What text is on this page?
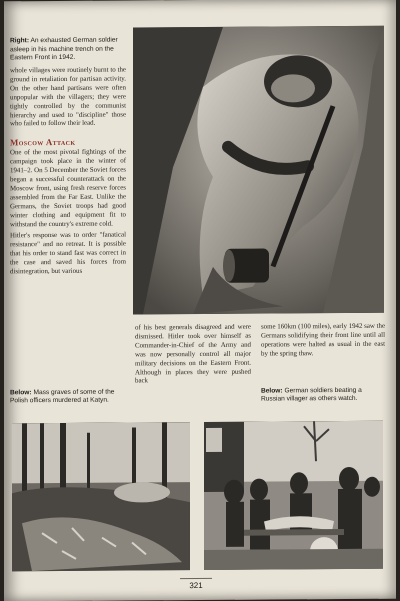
Right: An exhausted German soldier asleep in his machine trench on the Eastern Front in 1942.

whole villages were routinely burnt to the ground in retaliation for partisan activity. On the other hand partisans were often unpopular with the villagers; they were tightly controlled by the communist hierarchy and used to "discipline" those who failed to follow their lead.

Moscow Attack

One of the most pivotal fightings of the campaign took place in the winter of 1941–2. On 5 December the Soviet forces began a successful counterattack on the Moscow front, using fresh reserve forces assembled from the Far East. Unlike the Germans, the Soviet troops had good winter clothing and equipment fit to withstand the country's extreme cold.

Hitler's response was to order "fanatical resistance" and no retreat. It is possible that his order to stand fast was correct in the case and saved his forces from disintegration, but various

of his best generals disagreed and were dismissed. Hitler took over himself as Commander-in-Chief of the Army and was now personally control all major military decisions on the Eastern Front. Although in places they were pushed back
some 160km (100 miles), early 1942 saw the Germans solidifying their front line until all operations were halted as usual in the east by the spring thaw.
Below: Mass graves of some of the Polish officers murdered at Katyn.
Below: German soldiers beating a Russian villager as others watch.
321
